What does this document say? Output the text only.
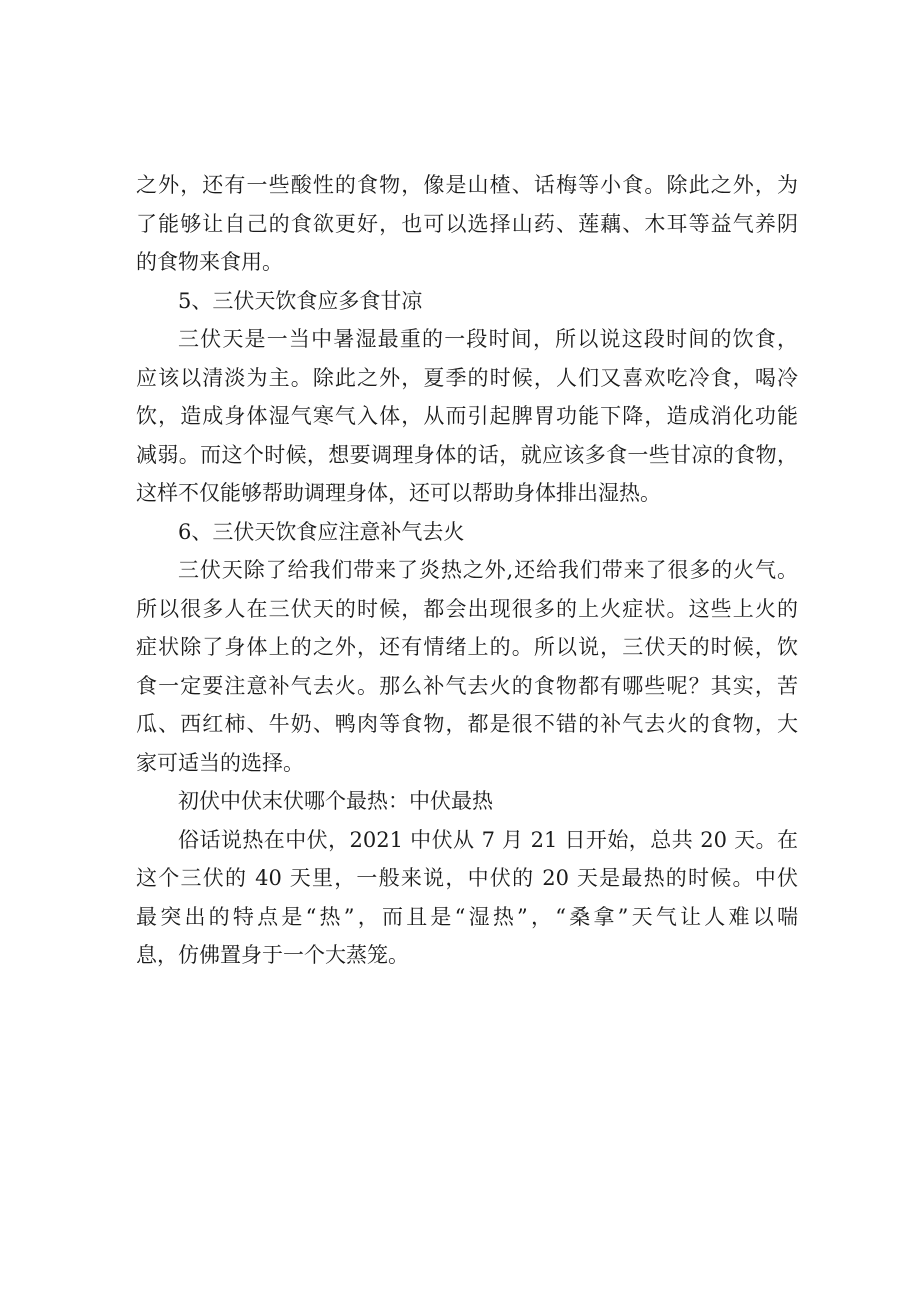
之外，还有一些酸性的食物，像是山楂、话梅等小食。除此之外，为
了能够让自己的食欲更好，也可以选择山药、莲藕、木耳等益气养阴
的食物来食用。
5、三伏天饮食应多食甘凉
三伏天是一当中暑湿最重的一段时间，所以说这段时间的饮食，
应该以清淡为主。除此之外，夏季的时候，人们又喜欢吃冷食，喝冷
饮，造成身体湿气寒气入体，从而引起脾胃功能下降，造成消化功能
减弱。而这个时候，想要调理身体的话，就应该多食一些甘凉的食物，
这样不仅能够帮助调理身体，还可以帮助身体排出湿热。
6、三伏天饮食应注意补气去火
三伏天除了给我们带来了炎热之外,还给我们带来了很多的火气。
所以很多人在三伏天的时候，都会出现很多的上火症状。这些上火的
症状除了身体上的之外，还有情绪上的。所以说，三伏天的时候，饮
食一定要注意补气去火。那么补气去火的食物都有哪些呢？其实，苦
瓜、西红柿、牛奶、鸭肉等食物，都是很不错的补气去火的食物，大
家可适当的选择。
初伏中伏末伏哪个最热：中伏最热
俗话说热在中伏，2021 中伏从 7 月 21 日开始，总共 20 天。在
这个三伏的 40 天里，一般来说，中伏的 20 天是最热的时候。中伏
最突出的特点是“热”，而且是“湿热”，“桑拿”天气让人难以喘
息，仿佛置身于一个大蒸笼。
